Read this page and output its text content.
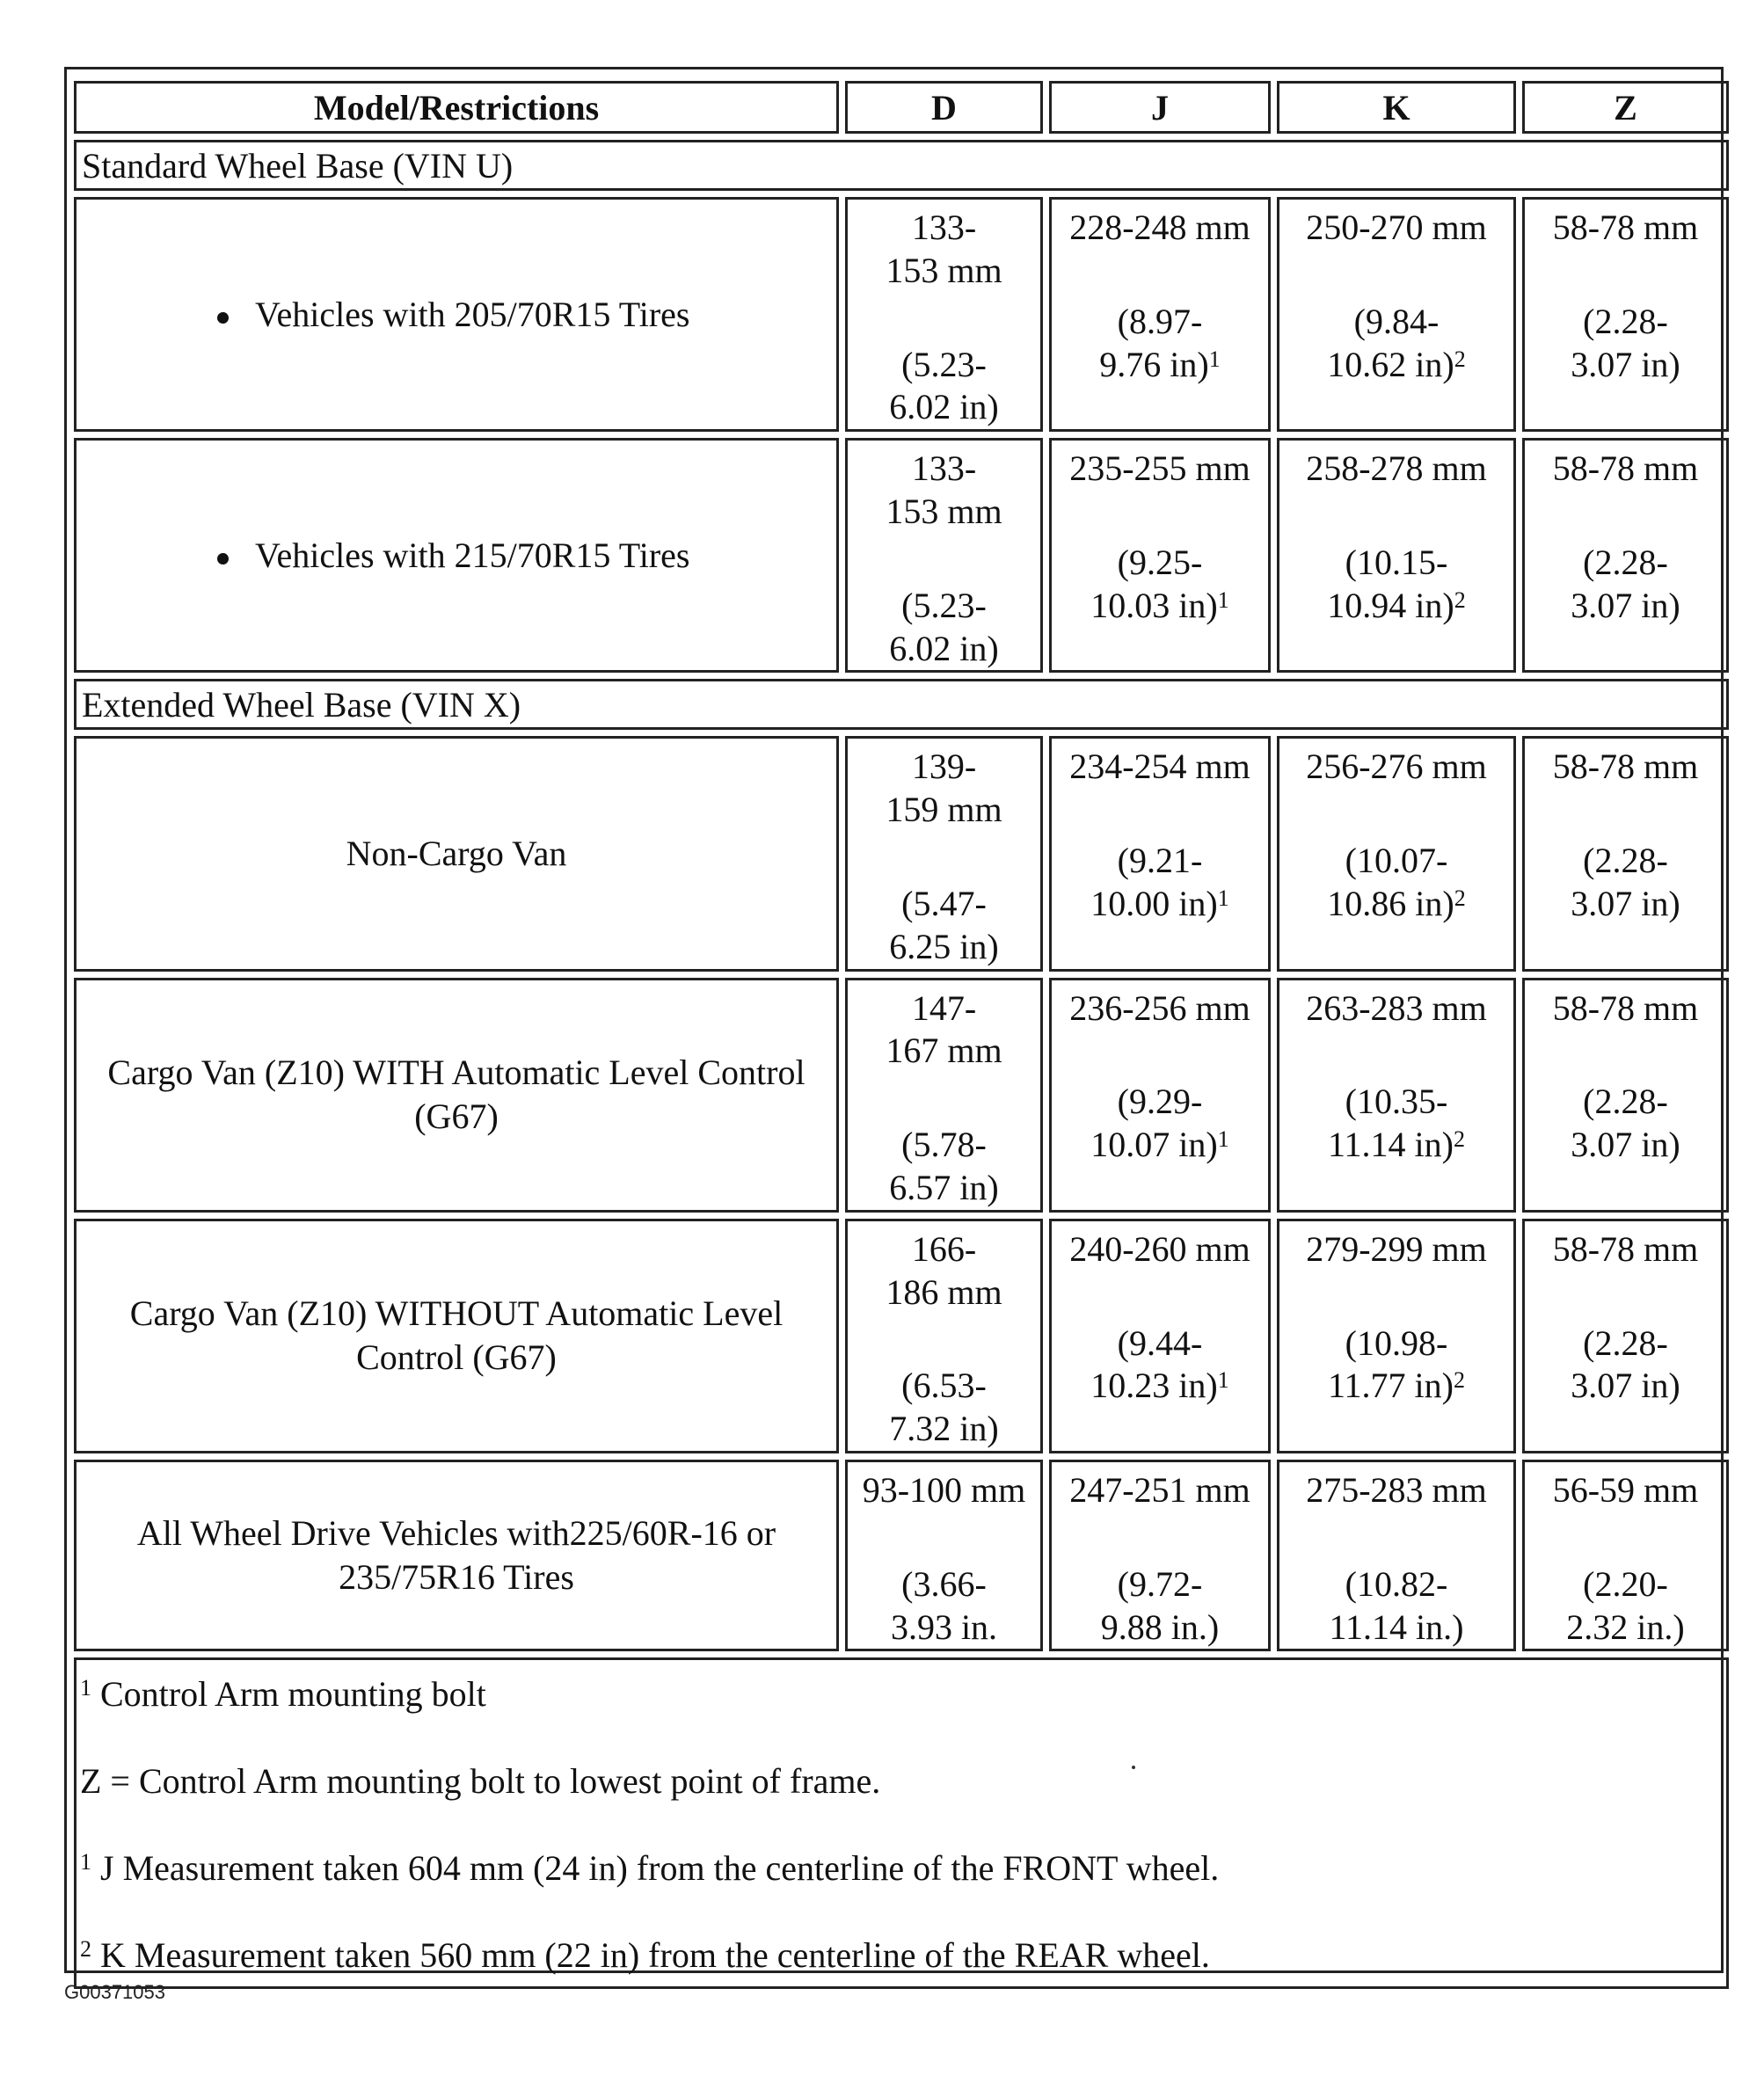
Model/Restrictions		D		J		K		Z
Standard Wheel Base (VIN U)								
Vehicles with 205/70R15 Tires		133-
153 mm
(5.23-
6.02 in)		228-248 mm
(8.97-
9.76 in)$^1$		250-270 mm
(9.84-
10.62 in)$^2$		58-78 mm
(2.28-
3.07 in)

Vehicles with 215/70R15 Tires		133-
153 mm
(5.23-
6.02 in)		235-255 mm
(9.25-
10.03 in)$^1$		258-278 mm
(10.15-
10.94 in)$^2$		58-78 mm
(2.28-
3.07 in)

Extended Wheel Base (VIN X)								
Non-Cargo Van		139-
159 mm
(5.47-
6.25 in)		234-254 mm
(9.21-
10.00 in)$^1$		256-276 mm
(10.07-
10.86 in)$^2$		58-78 mm
(2.28-
3.07 in)

Cargo Van (Z10) WITH Automatic Level Control (G67)		147-
167 mm
(5.78-
6.57 in)		236-256 mm
(9.29-
10.07 in)$^1$		263-283 mm
(10.35-
11.14 in)$^2$		58-78 mm
(2.28-
3.07 in)

Cargo Van (Z10) WITHOUT Automatic Level Control (G67)		166-
186 mm
(6.53-
7.32 in)		240-260 mm
(9.44-
10.23 in)$^1$		279-299 mm
(10.98-
11.77 in)$^2$		58-78 mm
(2.28-
3.07 in)

All Wheel Drive Vehicles with225/60R-16 or 235/75R16 Tires		93-100 mm
(3.66-
3.93 in.		247-251 mm
(9.72-
9.88 in.)		275-283 mm
(10.82-
11.14 in.)		56-59 mm
(2.20-
2.32 in.)

$^1$ Control Arm mounting bolt

Z = Control Arm mounting bolt to lowest point of frame.

$^1$ J Measurement taken 604 mm (24 in) from the centerline of the FRONT wheel.

$^2$ K Measurement taken 560 mm (22 in) from the centerline of the REAR wheel.								

G00371053
